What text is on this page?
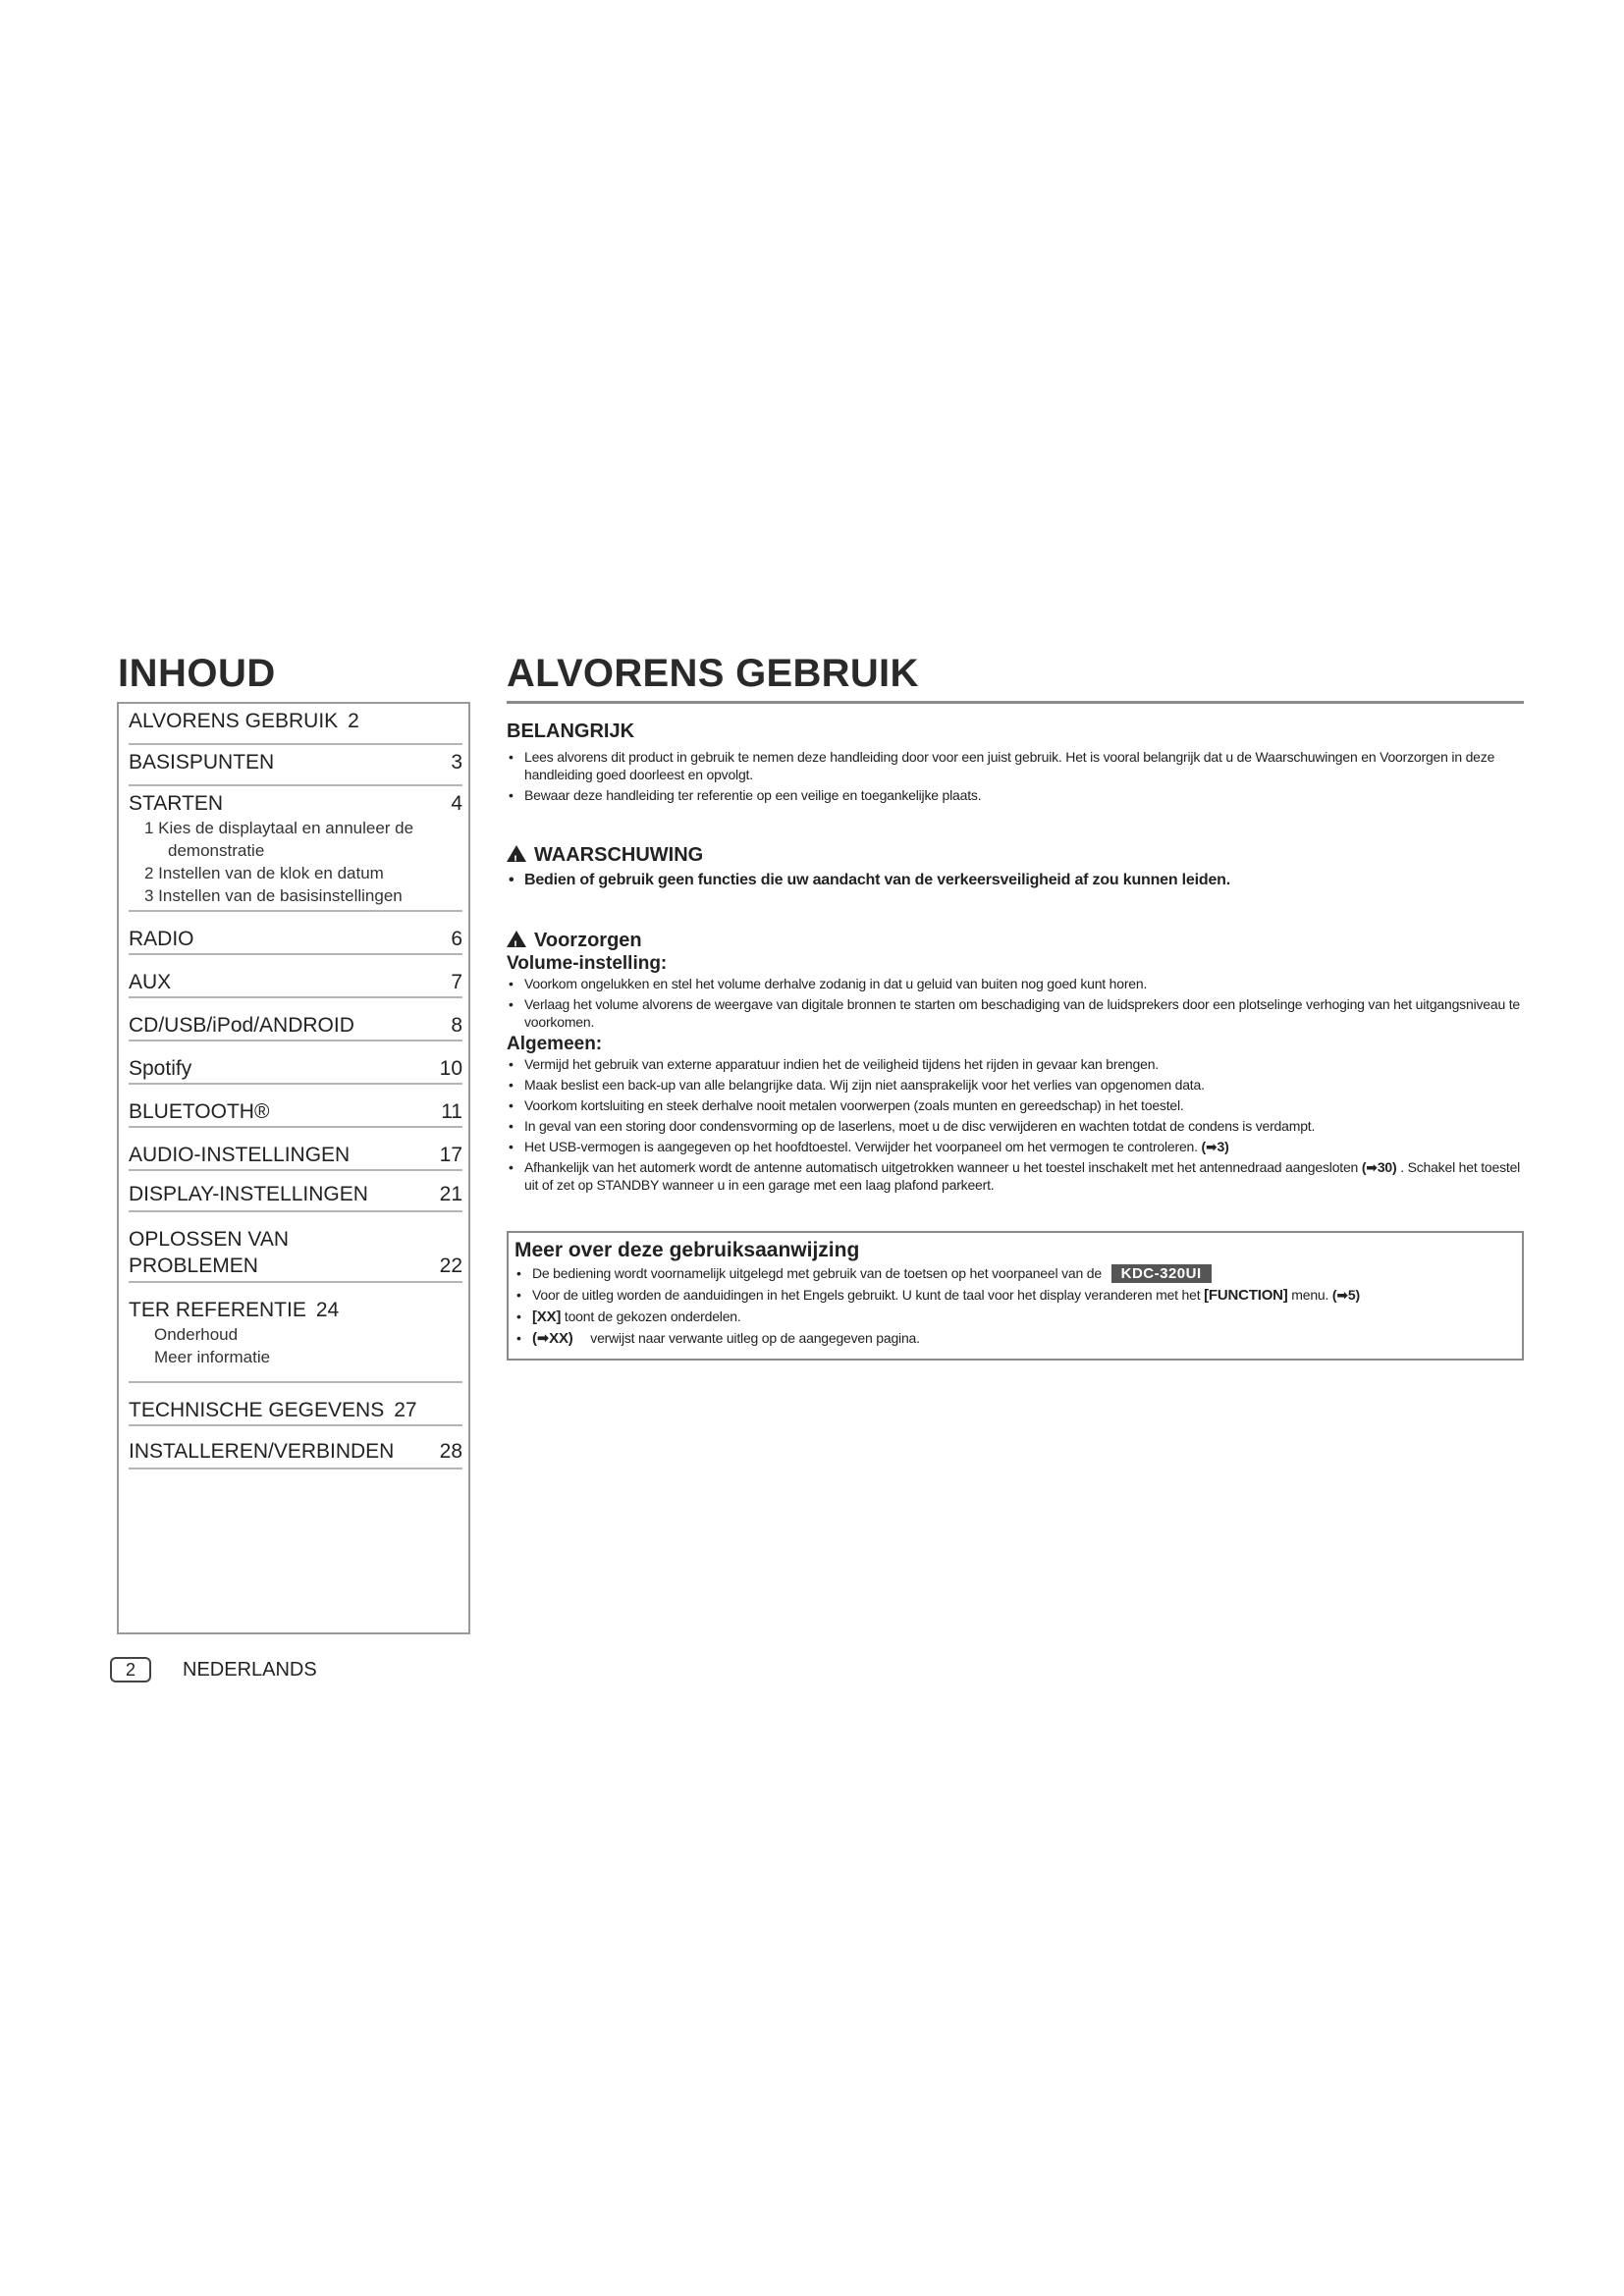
INHOUD
ALVORENS GEBRUIK 2
BASISPUNTEN	3
STARTEN	4
1 Kies de displaytaal en annuleer de
demonstratie
2 Instellen van de klok en datum
3 Instellen van de basisinstellingen
RADIO	6
AUX	7
CD/USB/iPod/ANDROID	8
Spotify	10
BLUETOOTH®	11
AUDIO-INSTELLINGEN	17
DISPLAY-INSTELLINGEN	21
OPLOSSEN VAN
PROBLEMEN	22
TER REFERENTIE 24
Onderhoud
Meer informatie
TECHNISCHE GEGEVENS 27
INSTALLEREN/VERBINDEN 28
2	NEDERLANDS
ALVORENS GEBRUIK
BELANGRIJK
• Lees alvorens dit product in gebruik te nemen deze handleiding door voor een juist gebruik. Het is vooral belangrijk dat u de Waarschuwingen en Voorzorgen in deze handleiding goed doorleest en opvolgt.
• Bewaar deze handleiding ter referentie op een veilige en toegankelijke plaats.
!WAARSCHUWING
• Bedien of gebruik geen functies die uw aandacht van de verkeersveiligheid af zou kunnen leiden.
!Voorzorgen
Volume-instelling:
• Voorkom ongelukken en stel het volume derhalve zodanig in dat u geluid van buiten nog goed kunt horen.
• Verlaag het volume alvorens de weergave van digitale bronnen te starten om beschadiging van de luidsprekers door een plotselinge verhoging van het uitgangsniveau te voorkomen.
Algemeen:
• Vermijd het gebruik van externe apparatuur indien het de veiligheid tijdens het rijden in gevaar kan brengen.
• Maak beslist een back-up van alle belangrijke data. Wij zijn niet aansprakelijk voor het verlies van opgenomen data.
• Voorkom kortsluiting en steek derhalve nooit metalen voorwerpen (zoals munten en gereedschap) in het toestel.
• In geval van een storing door condensvorming op de laserlens, moet u de disc verwijderen en wachten totdat de condens is verdampt.
• Het USB-vermogen is aangegeven op het hoofdtoestel. Verwijder het voorpaneel om het vermogen te controleren. (➡3)
• Afhankelijk van het automerk wordt de antenne automatisch uitgetrokken wanneer u het toestel inschakelt met het antennedraad aangesloten (➡30) . Schakel het toestel uit of zet op STANDBY wanneer u in een garage met een laag plafond parkeert.
Meer over deze gebruiksaanwijzing
• De bediening wordt voornamelijk uitgelegd met gebruik van de toetsen op het voorpaneel van de KDC-320UI
• Voor de uitleg worden de aanduidingen in het Engels gebruikt. U kunt de taal voor het display veranderen met het [FUNCTION] menu. (➡5)
• [XX] toont de gekozen onderdelen.
• (➡XX) verwijst naar verwante uitleg op de aangegeven pagina.
